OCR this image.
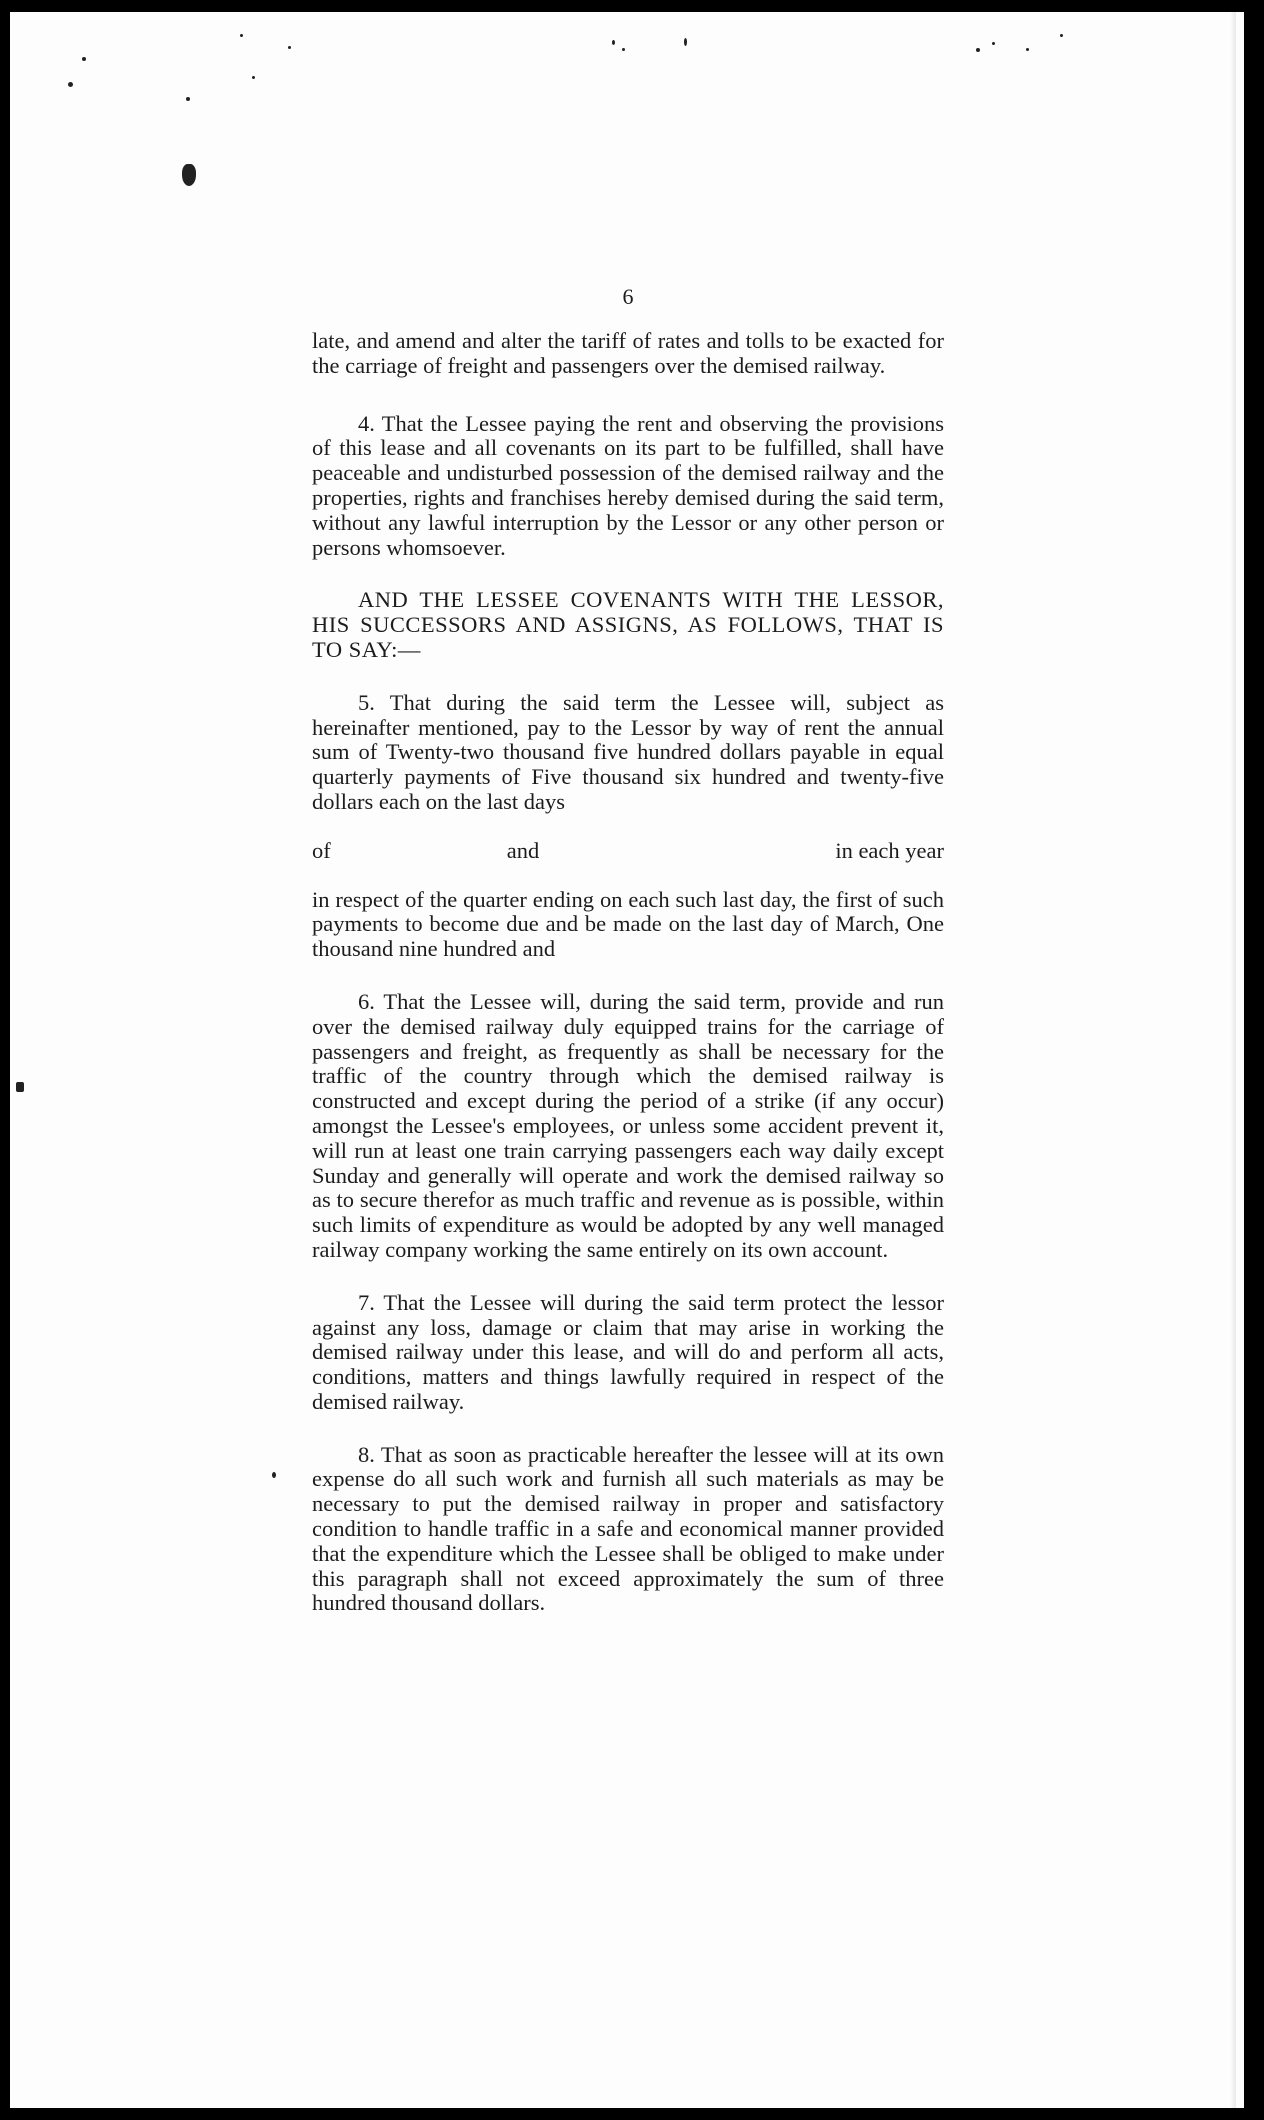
6

late, and amend and alter the tariff of rates and tolls to be exacted for the carriage of freight and passengers over the demised railway.

4. That the Lessee paying the rent and observing the provisions of this lease and all covenants on its part to be fulfilled, shall have peaceable and undisturbed possession of the demised railway and the properties, rights and franchises hereby demised during the said term, without any lawful interruption by the Lessor or any other person or persons whomsoever.

AND THE LESSEE COVENANTS WITH THE LESSOR, HIS SUCCESSORS AND ASSIGNS, AS FOLLOWS, THAT IS TO SAY:—

5. That during the said term the Lessee will, subject as hereinafter mentioned, pay to the Lessor by way of rent the annual sum of Twenty-two thousand five hundred dollars payable in equal quarterly payments of Five thousand six hundred and twenty-five dollars each on the last days

of	and	in each year

in respect of the quarter ending on each such last day, the first of such payments to become due and be made on the last day of March, One thousand nine hundred and

6. That the Lessee will, during the said term, provide and run over the demised railway duly equipped trains for the carriage of passengers and freight, as frequently as shall be necessary for the traffic of the country through which the demised railway is constructed and except during the period of a strike (if any occur) amongst the Lessee's employees, or unless some accident prevent it, will run at least one train carrying passengers each way daily except Sunday and generally will operate and work the demised railway so as to secure therefor as much traffic and revenue as is possible, within such limits of expenditure as would be adopted by any well managed railway company working the same entirely on its own account.

7. That the Lessee will during the said term protect the lessor against any loss, damage or claim that may arise in working the demised railway under this lease, and will do and perform all acts, conditions, matters and things lawfully required in respect of the demised railway.

8. That as soon as practicable hereafter the lessee will at its own expense do all such work and furnish all such materials as may be necessary to put the demised railway in proper and satisfactory condition to handle traffic in a safe and economical manner provided that the expenditure which the Lessee shall be obliged to make under this paragraph shall not exceed approximately the sum of three hundred thousand dollars.
